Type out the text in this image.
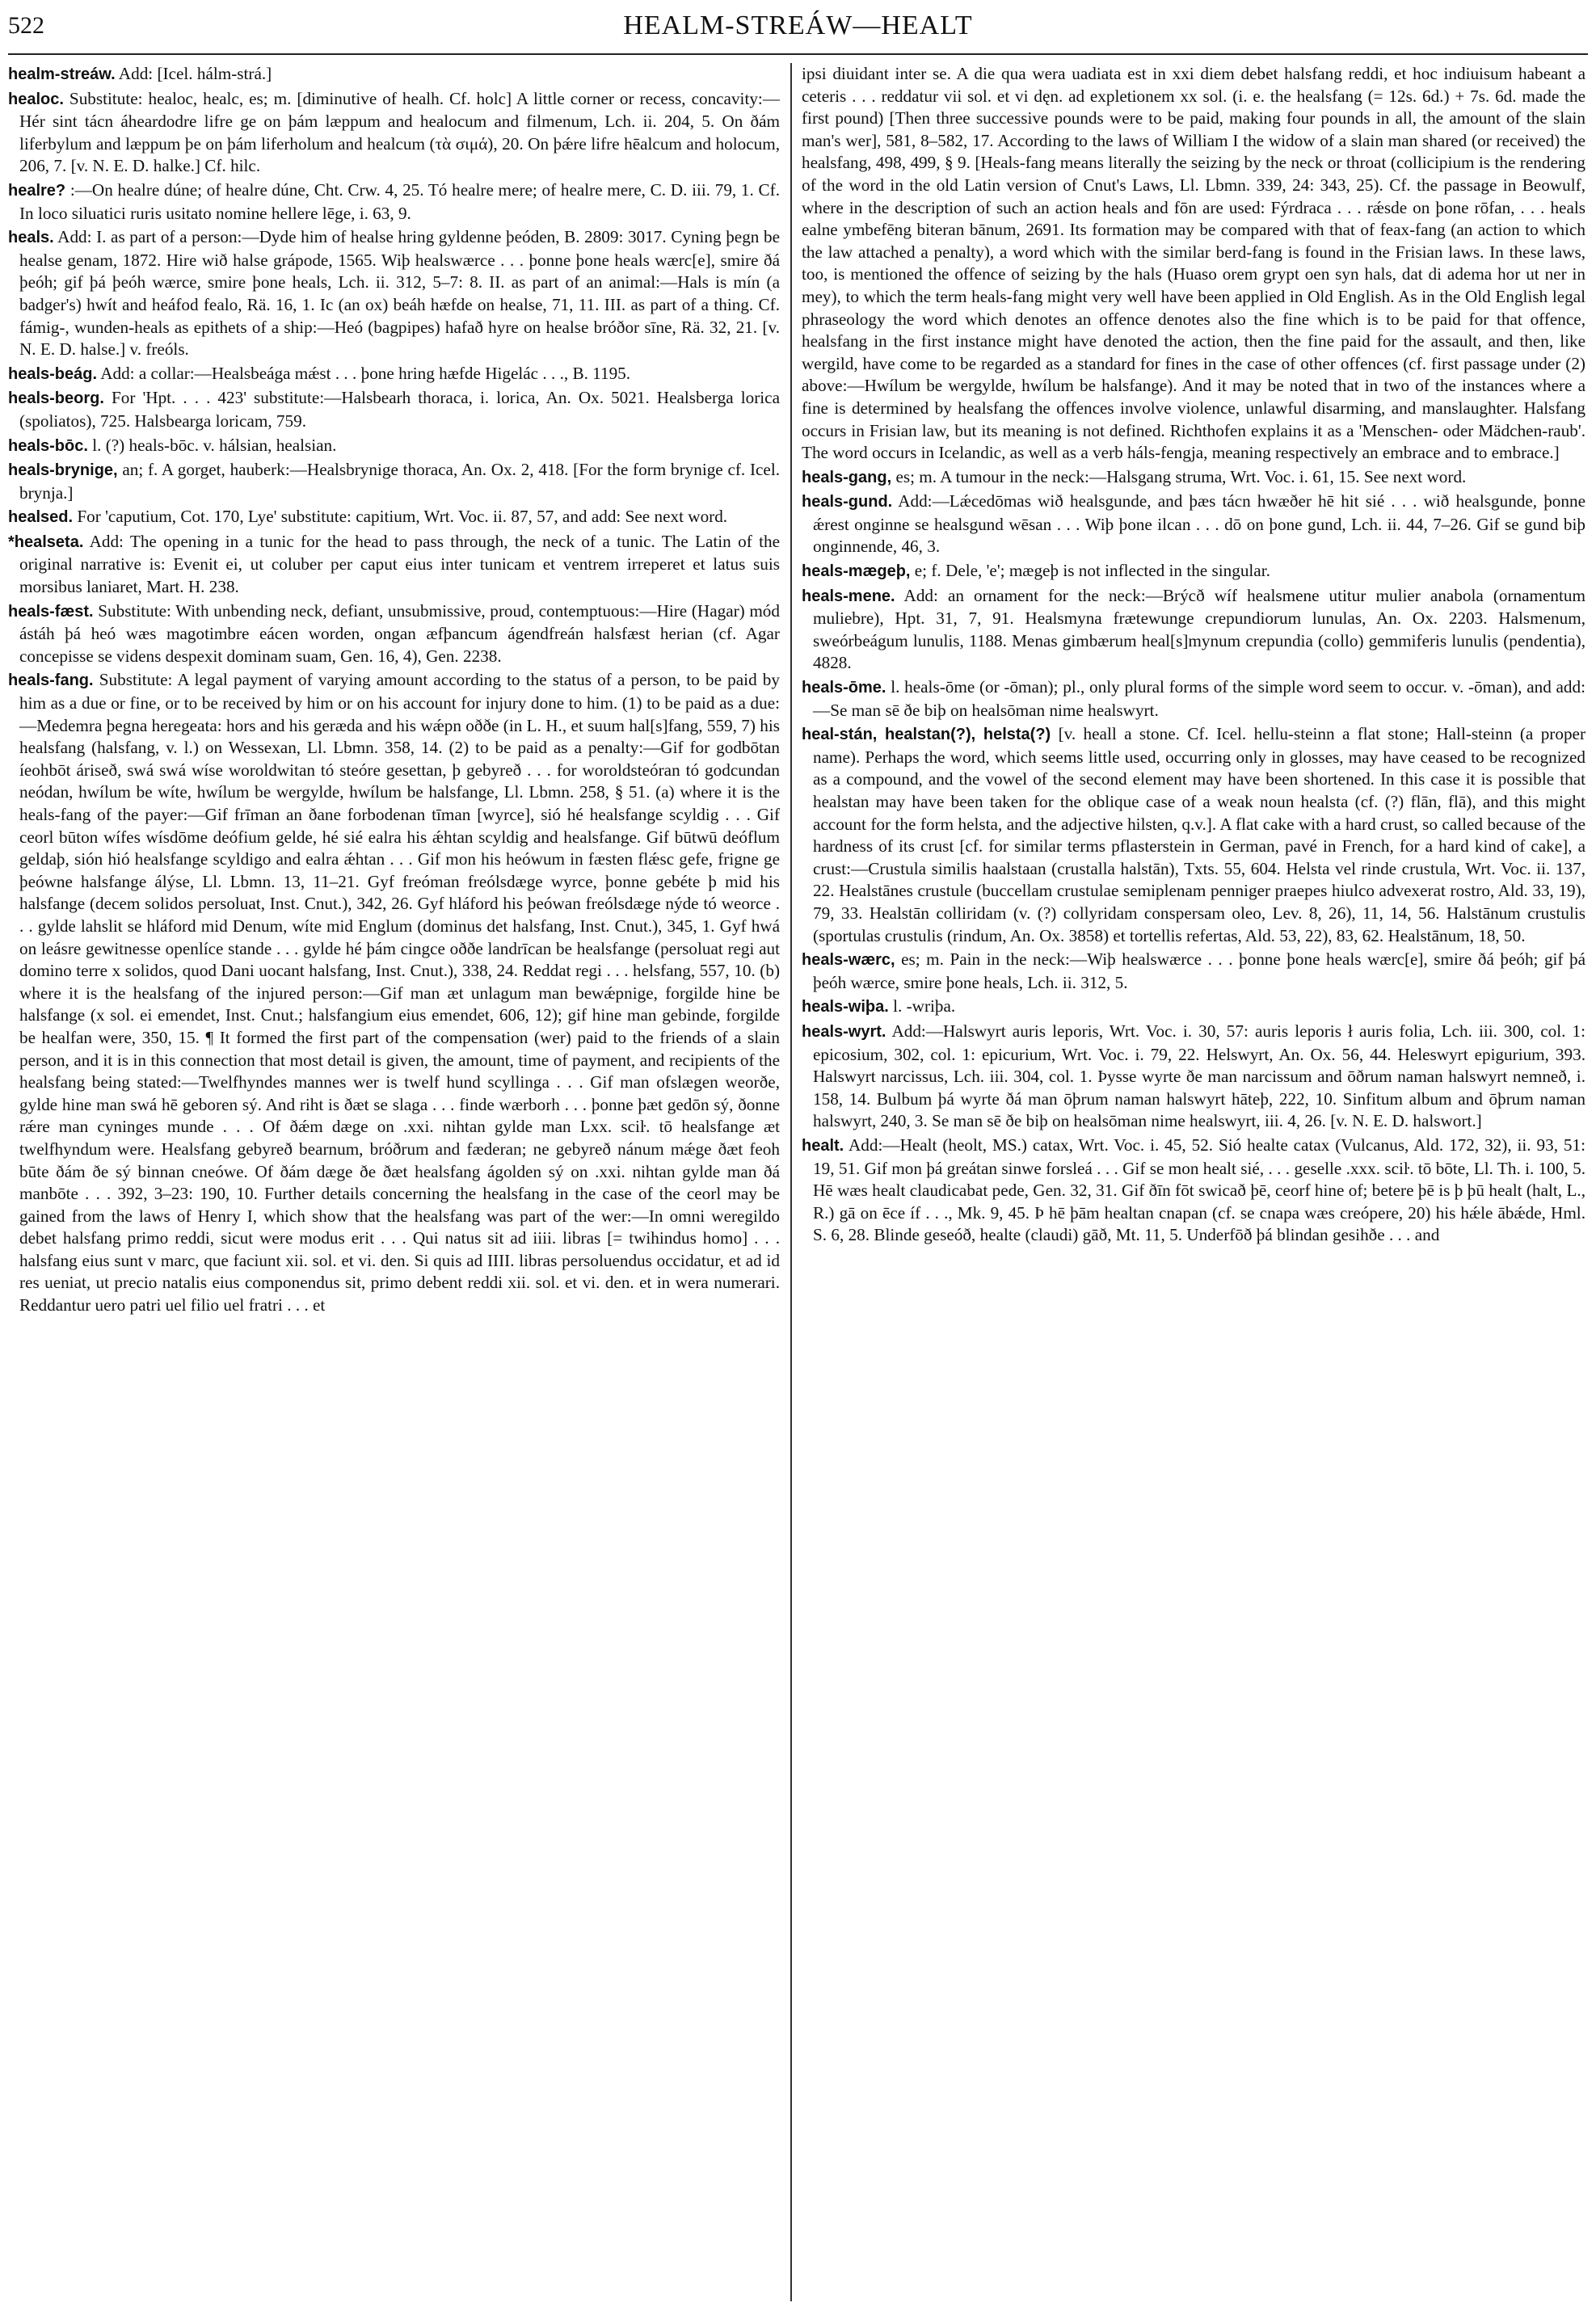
522	HEALM-STREÁW—HEALT

healm-streáw. Add: [Icel. hálm-strá.]

healoc. Substitute: healoc, healc, es; m. [diminutive of healh. Cf. holc] A little corner or recess, concavity:—Hér sint tácn áheardodre lifre ge on þám læppum and healocum and filmenum, Lch. ii. 204, 5. On ðám liferbylum and læppum þe on þám liferholum and healcum (τὰ σιμά), 20. On þǽre lifre hēalcum and holocum, 206, 7. [v. N. E. D. halke.] Cf. hilc.

healre? :—On healre dúne; of healre dúne, Cht. Crw. 4, 25. Tó healre mere; of healre mere, C. D. iii. 79, 1. Cf. In loco siluatici ruris usitato nomine hellere lēge, i. 63, 9.

heals. Add: I. as part of a person:—Dyde him of healse hring gyldenne þeóden, B. 2809: 3017. Cyning þegn be healse genam, 1872. Hire wið halse grápode, 1565. Wiþ healswærce . . . þonne þone heals wærc[e], smire ðá þeóh; gif þá þeóh wærce, smire þone heals, Lch. ii. 312, 5–7: 8. II. as part of an animal:—Hals is mín (a badger's) hwít and heáfod fealo, Rä. 16, 1. Ic (an ox) beáh hæfde on healse, 71, 11. III. as part of a thing. Cf. fámig-, wunden-heals as epithets of a ship:—Heó (bagpipes) hafað hyre on healse bróðor sīne, Rä. 32, 21. [v. N. E. D. halse.] v. freóls.

heals-beág. Add: a collar:—Healsbeága mǽst . . . þone hring hæfde Higelác . . ., B. 1195.

heals-beorg. For 'Hpt. . . . 423' substitute:—Halsbearh thoraca, i. lorica, An. Ox. 5021. Healsberga lorica (spoliatos), 725. Halsbearga loricam, 759.

heals-bōc. l. (?) heals-bōc. v. hálsian, healsian.

heals-brynige, an; f. A gorget, hauberk:—Healsbrynige thoraca, An. Ox. 2, 418. [For the form brynige cf. Icel. brynja.]

healsed. For 'caputium, Cot. 170, Lye' substitute: capitium, Wrt. Voc. ii. 87, 57, and add: See next word.

*healseta. Add: The opening in a tunic for the head to pass through, the neck of a tunic. The Latin of the original narrative is: Evenit ei, ut coluber per caput eius inter tunicam et ventrem irreperet et latus suis morsibus laniaret, Mart. H. 238.

heals-fæst. Substitute: With unbending neck, defiant, unsubmissive, proud, contemptuous:—Hire (Hagar) mód ástáh þá heó wæs magotimbre eácen worden, ongan æfþancum ágendfreán halsfæst herian (cf. Agar concepisse se videns despexit dominam suam, Gen. 16, 4), Gen. 2238.

heals-fang. Substitute: A legal payment of varying amount according to the status of a person, to be paid by him as a due or fine, or to be received by him or on his account for injury done to him. (1) to be paid as a due:—Medemra þegna heregeata: hors and his geræda and his wǽpn oððe (in L. H., et suum hal[s]fang, 559, 7) his healsfang (halsfang, v. l.) on Wessexan, Ll. Lbmn. 358, 14. (2) to be paid as a penalty:—Gif for godbōtan íeohbōt áriseð, swá swá wíse woroldwitan tó steóre gesettan, þ gebyreð . . . for woroldsteóran tó godcundan neódan, hwílum be wíte, hwílum be wergylde, hwílum be halsfange, Ll. Lbmn. 258, § 51. (a) where it is the heals-fang of the payer:—Gif frīman an ðane forbodenan tīman [wyrce], sió hé healsfange scyldig . . . Gif ceorl būton wífes wísdōme deófium gelde, hé sié ealra his ǽhtan scyldig and healsfange. Gif būtwū deóflum geldaþ, sión hió healsfange scyldigo and ealra ǽhtan . . . Gif mon his heówum in fæsten flǽsc gefe, frigne ge þeówne halsfange álýse, Ll. Lbmn. 13, 11–21. Gyf freóman freólsdæge wyrce, þonne gebéte þ mid his halsfange (decem solidos persoluat, Inst. Cnut.), 342, 26. Gyf hláford his þeówan freólsdæge nýde tó weorce . . . gylde lahslit se hláford mid Denum, wíte mid Englum (dominus det halsfang, Inst. Cnut.), 345, 1. Gyf hwá on leásre gewitnesse openlíce stande . . . gylde hé þám cingce oððe landrīcan be healsfange (persoluat regi aut domino terre x solidos, quod Dani uocant halsfang, Inst. Cnut.), 338, 24. Reddat regi . . . helsfang, 557, 10. (b) where it is the healsfang of the injured person:—Gif man æt unlagum man bewǽpnige, forgilde hine be halsfange (x sol. ei emendet, Inst. Cnut.; halsfangium eius emendet, 606, 12); gif hine man gebinde, forgilde be healfan were, 350, 15. ¶ It formed the first part of the compensation (wer) paid to the friends of a slain person, and it is in this connection that most detail is given, the amount, time of payment, and recipients of the healsfang being stated:—Twelfhyndes mannes wer is twelf hund scyllinga . . . Gif man ofslægen weorðe, gylde hine man swá hē geboren sý. And riht is ðæt se slaga . . . finde wærborh . . . þonne þæt gedōn sý, ðonne rǽre man cyninges munde . . . Of ðǽm dæge on .xxi. nihtan gylde man Lxx. sciŀ. tō healsfange æt twelfhyndum were. Healsfang gebyreð bearnum, bróðrum and fæderan; ne gebyreð nánum mǽge ðæt feoh būte ðám ðe sý binnan cneówe. Of ðám dæge ðe ðæt healsfang ágolden sý on .xxi. nihtan gylde man ðá manbōte . . . 392, 3–23: 190, 10. Further details concerning the healsfang in the case of the ceorl may be gained from the laws of Henry I, which show that the healsfang was part of the wer:—In omni weregildo debet halsfang primo reddi, sicut were modus erit . . . Qui natus sit ad iiii. libras [= twihindus homo] . . . halsfang eius sunt v marc, que faciunt xii. sol. et vi. den. Si quis ad IIII. libras persoluendus occidatur, et ad id res ueniat, ut precio natalis eius componendus sit, primo debent reddi xii. sol. et vi. den. et in wera numerari. Reddantur uero patri uel filio uel fratri . . . et

ipsi diuidant inter se. A die qua wera uadiata est in xxi diem debet halsfang reddi, et hoc indiuisum habeant a ceteris . . . reddatur vii sol. et vi dęn. ad expletionem xx sol. (i. e. the healsfang (= 12s. 6d.) + 7s. 6d. made the first pound) [Then three successive pounds were to be paid, making four pounds in all, the amount of the slain man's wer], 581, 8–582, 17. According to the laws of William I the widow of a slain man shared (or received) the healsfang, 498, 499, § 9. [Heals-fang means literally the seizing by the neck or throat (collicipium is the rendering of the word in the old Latin version of Cnut's Laws, Ll. Lbmn. 339, 24: 343, 25). Cf. the passage in Beowulf, where in the description of such an action heals and fōn are used: Fýrdraca . . . rǽsde on þone rōfan, . . . heals ealne ymbefēng biteran bānum, 2691. Its formation may be compared with that of feax-fang (an action to which the law attached a penalty), a word which with the similar berd-fang is found in the Frisian laws. In these laws, too, is mentioned the offence of seizing by the hals (Huaso orem grypt oen syn hals, dat di adema hor ut ner in mey), to which the term heals-fang might very well have been applied in Old English. As in the Old English legal phraseology the word which denotes an offence denotes also the fine which is to be paid for that offence, healsfang in the first instance might have denoted the action, then the fine paid for the assault, and then, like wergild, have come to be regarded as a standard for fines in the case of other offences (cf. first passage under (2) above:—Hwílum be wergylde, hwílum be halsfange). And it may be noted that in two of the instances where a fine is determined by healsfang the offences involve violence, unlawful disarming, and manslaughter. Halsfang occurs in Frisian law, but its meaning is not defined. Richthofen explains it as a 'Menschen- oder Mädchen-raub'. The word occurs in Icelandic, as well as a verb háls-fengja, meaning respectively an embrace and to embrace.]

heals-gang, es; m. A tumour in the neck:—Halsgang struma, Wrt. Voc. i. 61, 15. See next word.

heals-gund. Add:—Lǽcedōmas wið healsgunde, and þæs tácn hwæðer hē hit sié . . . wið healsgunde, þonne ǽrest onginne se healsgund wēsan . . . Wiþ þone ilcan . . . dō on þone gund, Lch. ii. 44, 7–26. Gif se gund biþ onginnende, 46, 3.

heals-mægeþ, e; f. Dele, 'e'; mægeþ is not inflected in the singular.

heals-mene. Add: an ornament for the neck:—Brýcð wíf healsmene utitur mulier anabola (ornamentum muliebre), Hpt. 31, 7, 91. Healsmyna frætewunge crepundiorum lunulas, An. Ox. 2203. Halsmenum, sweórbeágum lunulis, 1188. Menas gimbærum heal[s]mynum crepundia (collo) gemmiferis lunulis (pendentia), 4828.

heals-ōme. l. heals-ōme (or -ōman); pl., only plural forms of the simple word seem to occur. v. -ōman), and add:—Se man sē ðe biþ on healsōman nime healswyrt.

heal-stán, healstan(?), helsta(?) [v. heall a stone. Cf. Icel. hellu-steinn a flat stone; Hall-steinn (a proper name). Perhaps the word, which seems little used, occurring only in glosses, may have ceased to be recognized as a compound, and the vowel of the second element may have been shortened. In this case it is possible that healstan may have been taken for the oblique case of a weak noun healsta (cf. (?) flān, flā), and this might account for the form helsta, and the adjective hilsten, q.v.]. A flat cake with a hard crust, so called because of the hardness of its crust [cf. for similar terms pflasterstein in German, pavé in French, for a hard kind of cake], a crust:—Crustula similis haalstaan (crustalla halstān), Txts. 55, 604. Helsta vel rinde crustula, Wrt. Voc. ii. 137, 22. Healstānes crustule (buccellam crustulae semiplenam penniger praepes hiulco advexerat rostro, Ald. 33, 19), 79, 33. Healstān colliridam (v. (?) collyridam conspersam oleo, Lev. 8, 26), 11, 14, 56. Halstānum crustulis (sportulas crustulis (rindum, An. Ox. 3858) et tortellis refertas, Ald. 53, 22), 83, 62. Healstānum, 18, 50.

heals-wærc, es; m. Pain in the neck:—Wiþ healswærce . . . þonne þone heals wærc[e], smire ðá þeóh; gif þá þeóh wærce, smire þone heals, Lch. ii. 312, 5.

heals-wiþa. l. -wriþa.

heals-wyrt. Add:—Halswyrt auris leporis, Wrt. Voc. i. 30, 57: auris leporis ł auris folia, Lch. iii. 300, col. 1: epicosium, 302, col. 1: epicurium, Wrt. Voc. i. 79, 22. Helswyrt, An. Ox. 56, 44. Heleswyrt epigurium, 393. Halswyrt narcissus, Lch. iii. 304, col. 1. Þysse wyrte ðe man narcissum and ōðrum naman halswyrt nemneð, i. 158, 14. Bulbum þá wyrte ðá man ōþrum naman halswyrt hāteþ, 222, 10. Sinfitum album and ōþrum naman halswyrt, 240, 3. Se man sē ðe biþ on healsōman nime healswyrt, iii. 4, 26. [v. N. E. D. halswort.]

healt. Add:—Healt (heolt, MS.) catax, Wrt. Voc. i. 45, 52. Sió healte catax (Vulcanus, Ald. 172, 32), ii. 93, 51: 19, 51. Gif mon þá greátan sinwe forsleá . . . Gif se mon healt sié, . . . geselle .xxx. sciŀ. tō bōte, Ll. Th. i. 100, 5. Hē wæs healt claudicabat pede, Gen. 32, 31. Gif ðīn fōt swicað þē, ceorf hine of; betere þē is þ þū healt (halt, L., R.) gā on ēce íf . . ., Mk. 9, 45. Þ hē þām healtan cnapan (cf. se cnapa wæs creópere, 20) his hǽle ābǽde, Hml. S. 6, 28. Blinde geseóð, healte (claudi) gāð, Mt. 11, 5. Underfōð þá blindan gesihðe . . . and
